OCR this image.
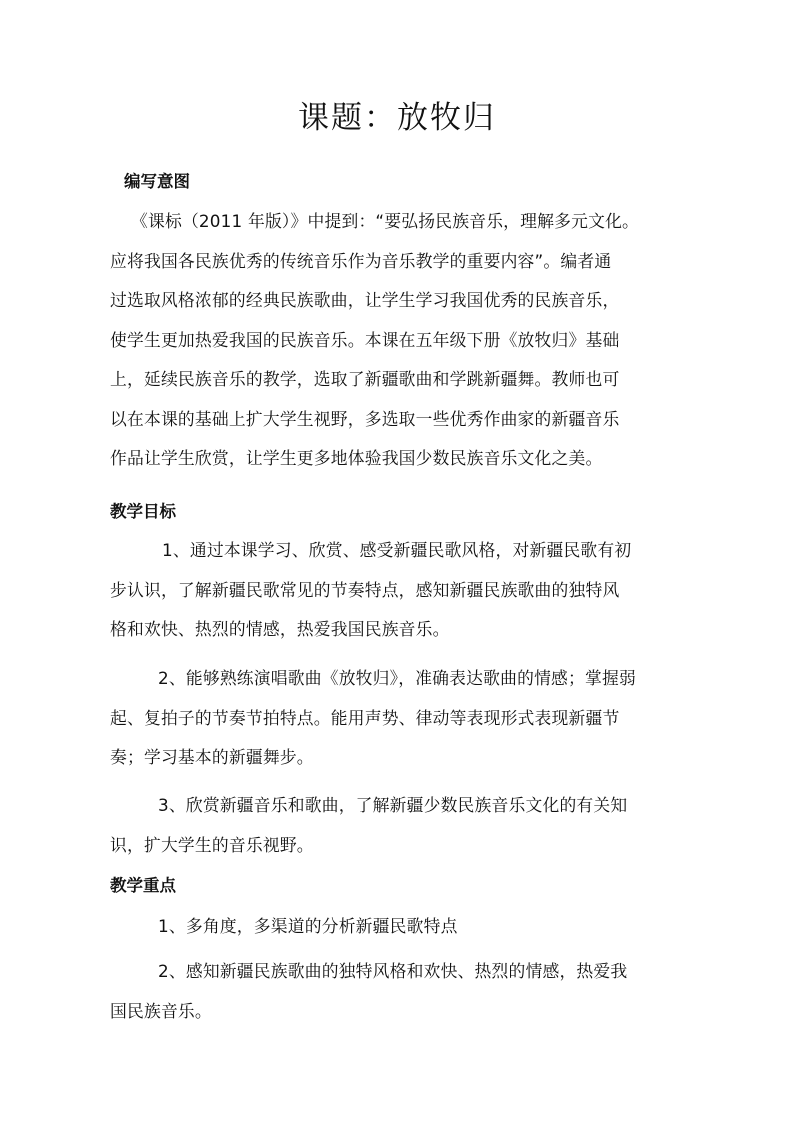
课题：放牧归
编写意图
《课标（2011 年版）》中提到：“要弘扬民族音乐，理解多元文化。
应将我国各民族优秀的传统音乐作为音乐教学的重要内容”。编者通
过选取风格浓郁的经典民族歌曲，让学生学习我国优秀的民族音乐，
使学生更加热爱我国的民族音乐。本课在五年级下册《放牧归》基础
上，延续民族音乐的教学，选取了新疆歌曲和学跳新疆舞。教师也可
以在本课的基础上扩大学生视野，多选取一些优秀作曲家的新疆音乐
作品让学生欣赏，让学生更多地体验我国少数民族音乐文化之美。
教学目标
1、通过本课学习、欣赏、感受新疆民歌风格，对新疆民歌有初
步认识，了解新疆民歌常见的节奏特点，感知新疆民族歌曲的独特风
格和欢快、热烈的情感，热爱我国民族音乐。
2、能够熟练演唱歌曲《放牧归》，准确表达歌曲的情感；掌握弱
起、复拍子的节奏节拍特点。能用声势、律动等表现形式表现新疆节
奏；学习基本的新疆舞步。
3、欣赏新疆音乐和歌曲，了解新疆少数民族音乐文化的有关知
识，扩大学生的音乐视野。
教学重点
1、多角度，多渠道的分析新疆民歌特点
2、感知新疆民族歌曲的独特风格和欢快、热烈的情感，热爱我
国民族音乐。
